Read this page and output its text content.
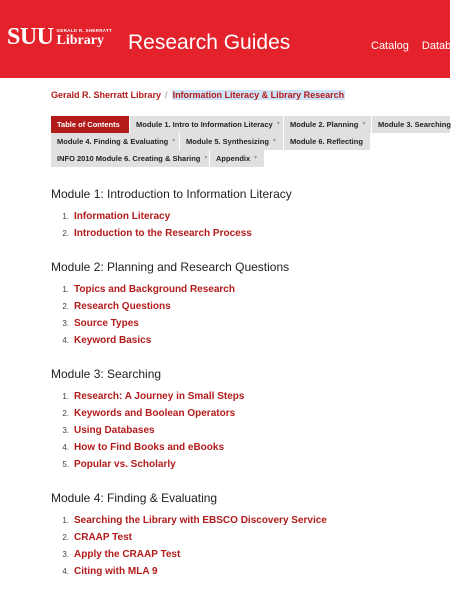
SUU GERALD R. SHERRATT
Library	Research Guides	Catalog Databa
Gerald R. Sherratt Library / Information Literacy & Library Research
Table of Contents Module 1. Intro to Information Literacy ▾ Module 2. Planning ▾ Module 3. Searching
Module 4. Finding & Evaluating ▾ Module 5. Synthesizing ▾ Module 6. Reflecting
INFO 2010 Module 6. Creating & Sharing ▾ Appendix ▾
Module 1: Introduction to Information Literacy
1. Information Literacy
2. Introduction to the Research Process
Module 2: Planning and Research Questions
1. Topics and Background Research
2. Research Questions
3. Source Types
4. Keyword Basics
Module 3: Searching
1. Research: A Journey in Small Steps
2. Keywords and Boolean Operators
3. Using Databases
4. How to Find Books and eBooks
5. Popular vs. Scholarly
Module 4: Finding & Evaluating
1. Searching the Library with EBSCO Discovery Service
2. CRAAP Test
3. Apply the CRAAP Test
4. Citing with MLA 9
